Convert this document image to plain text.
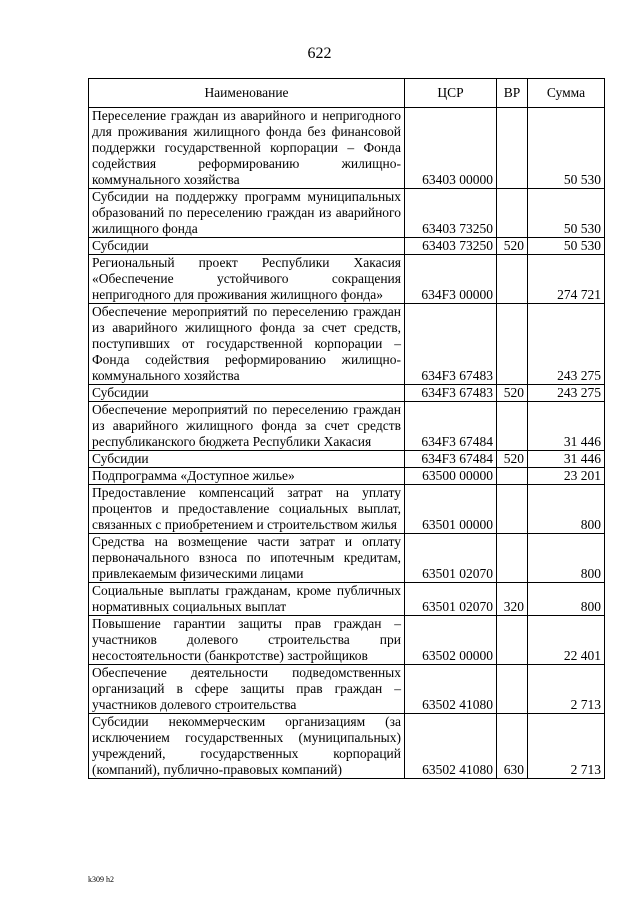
622
Наименование	ЦСР	ВР	Сумма
Переселение граждан из аварийного и непригодного для проживания жилищного фонда без финансовой поддержки государственной корпорации – Фонда содействия реформированию жилищно-коммунального хозяйства	63403 00000		50 530
Субсидии на поддержку программ муниципальных образований по переселению граждан из аварийного жилищного фонда	63403 73250		50 530
Субсидии	63403 73250	520	50 530
Региональный проект Республики Хакасия «Обеспечение устойчивого сокращения непригодного для проживания жилищного фонда»	634F3 00000		274 721
Обеспечение мероприятий по переселению граждан из аварийного жилищного фонда за счет средств, поступивших от государственной корпорации – Фонда содействия реформированию жилищно-коммунального хозяйства	634F3 67483		243 275
Субсидии	634F3 67483	520	243 275
Обеспечение мероприятий по переселению граждан из аварийного жилищного фонда за счет средств республиканского бюджета Республики Хакасия	634F3 67484		31 446
Субсидии	634F3 67484	520	31 446
Подпрограмма «Доступное жилье»	63500 00000		23 201
Предоставление компенсаций затрат на уплату процентов и предоставление социальных выплат, связанных с приобретением и строительством жилья	63501 00000		800
Средства на возмещение части затрат и оплату первоначального взноса по ипотечным кредитам, привлекаемым физическими лицами	63501 02070		800
Социальные выплаты гражданам, кроме публичных нормативных социальных выплат	63501 02070	320	800
Повышение гарантии защиты прав граждан – участников долевого строительства при несостоятельности (банкротстве) застройщиков	63502 00000		22 401
Обеспечение деятельности подведомственных организаций в сфере защиты прав граждан – участников долевого строительства	63502 41080		2 713
Субсидии некоммерческим организациям (за исключением государственных (муниципальных) учреждений, государственных корпораций (компаний), публично-правовых компаний)	63502 41080	630	2 713
k309 h2
